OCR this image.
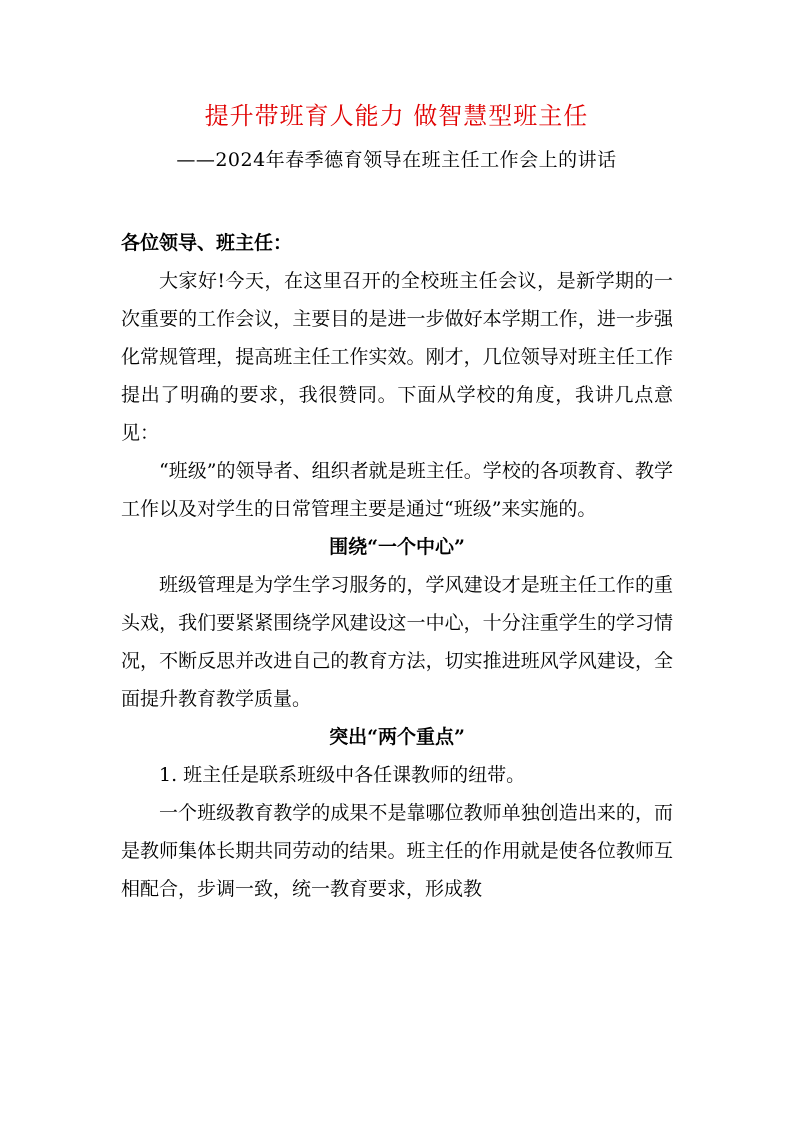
提升带班育人能力 做智慧型班主任
——2024年春季德育领导在班主任工作会上的讲话

各位领导、班主任：

大家好!今天，在这里召开的全校班主任会议，是新学期的一次重要的工作会议，主要目的是进一步做好本学期工作，进一步强化常规管理，提高班主任工作实效。刚才，几位领导对班主任工作提出了明确的要求，我很赞同。下面从学校的角度，我讲几点意见：

“班级”的领导者、组织者就是班主任。学校的各项教育、教学工作以及对学生的日常管理主要是通过“班级”来实施的。

围绕“一个中心”

班级管理是为学生学习服务的，学风建设才是班主任工作的重头戏，我们要紧紧围绕学风建设这一中心，十分注重学生的学习情况，不断反思并改进自己的教育方法，切实推进班风学风建设，全面提升教育教学质量。

突出“两个重点”

1. 班主任是联系班级中各任课教师的纽带。

一个班级教育教学的成果不是靠哪位教师单独创造出来的，而是教师集体长期共同劳动的结果。班主任的作用就是使各位教师互相配合，步调一致，统一教育要求，形成教
